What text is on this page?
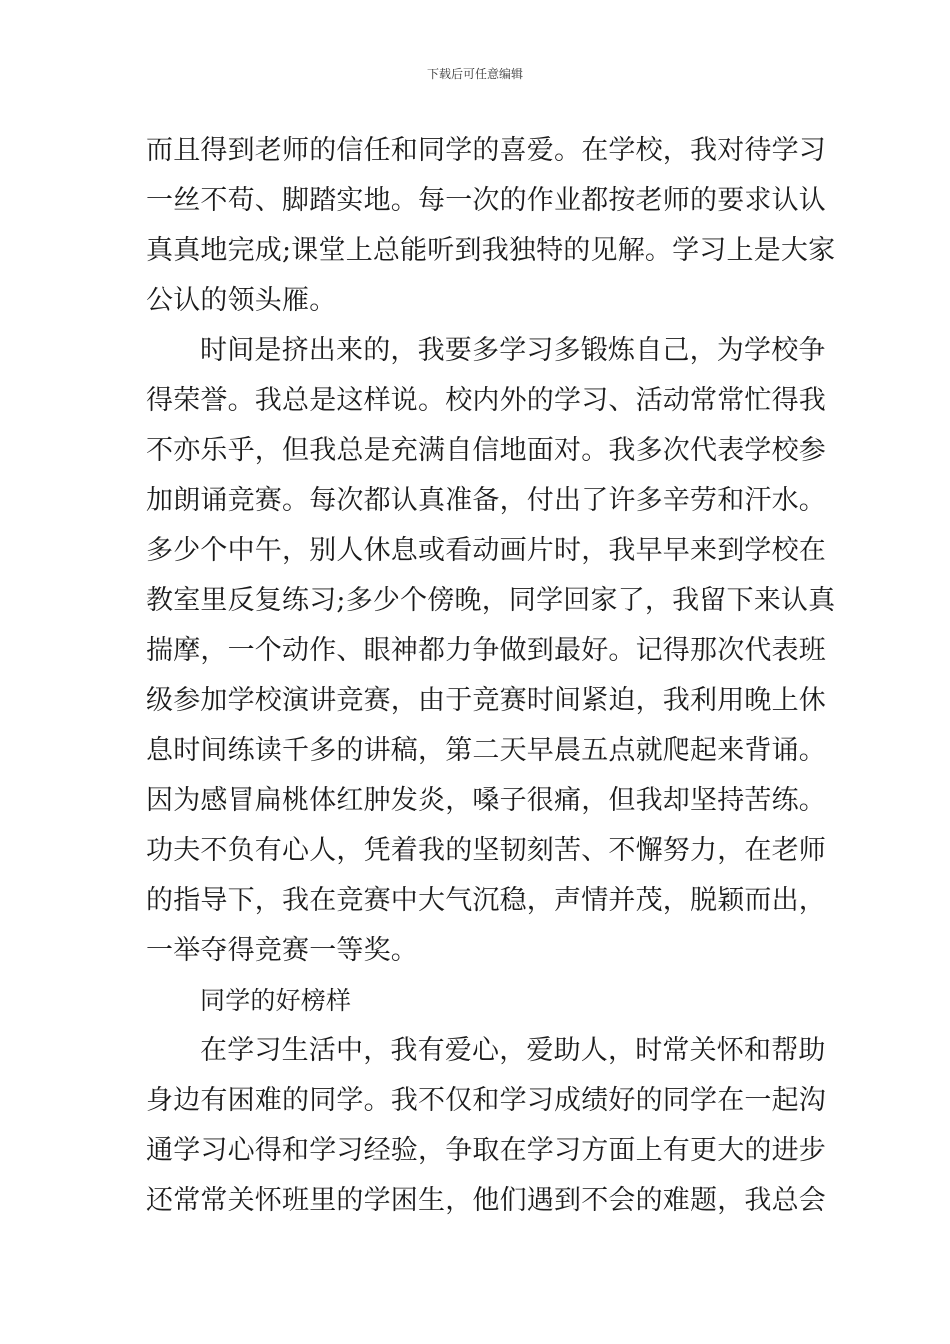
下载后可任意编辑
而且得到老师的信任和同学的喜爱。在学校，我对待学习
一丝不苟、脚踏实地。每一次的作业都按老师的要求认认
真真地完成;课堂上总能听到我独特的见解。学习上是大家
公认的领头雁。
时间是挤出来的，我要多学习多锻炼自己，为学校争
得荣誉。我总是这样说。校内外的学习、活动常常忙得我
不亦乐乎，但我总是充满自信地面对。我多次代表学校参
加朗诵竞赛。每次都认真准备，付出了许多辛劳和汗水。
多少个中午，别人休息或看动画片时，我早早来到学校在
教室里反复练习;多少个傍晚，同学回家了，我留下来认真
揣摩，一个动作、眼神都力争做到最好。记得那次代表班
级参加学校演讲竞赛，由于竞赛时间紧迫，我利用晚上休
息时间练读千多的讲稿，第二天早晨五点就爬起来背诵。
因为感冒扁桃体红肿发炎，嗓子很痛，但我却坚持苦练。
功夫不负有心人，凭着我的坚韧刻苦、不懈努力，在老师
的指导下，我在竞赛中大气沉稳，声情并茂，脱颖而出，
一举夺得竞赛一等奖。
同学的好榜样
在学习生活中，我有爱心，爱助人，时常关怀和帮助
身边有困难的同学。我不仅和学习成绩好的同学在一起沟
通学习心得和学习经验，争取在学习方面上有更大的进步
还常常关怀班里的学困生，他们遇到不会的难题，我总会
